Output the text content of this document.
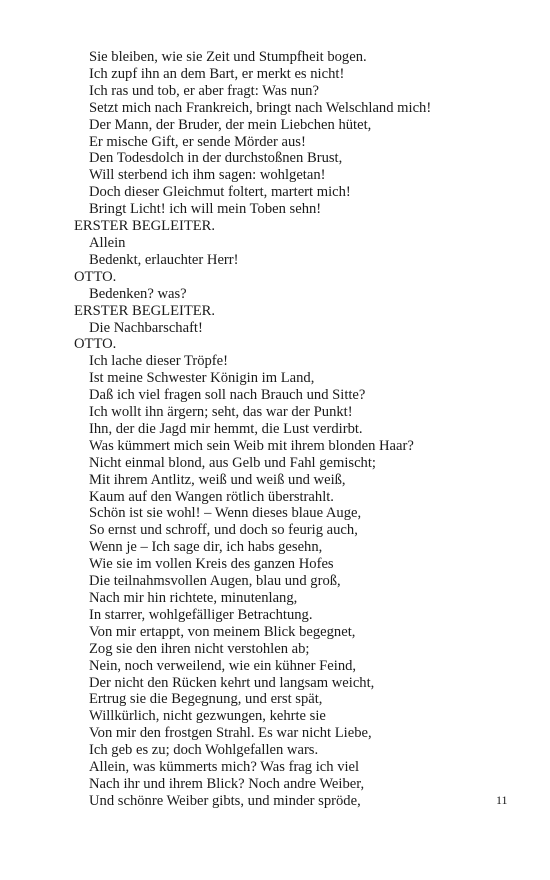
Sie bleiben, wie sie Zeit und Stumpfheit bogen.
Ich zupf ihn an dem Bart, er merkt es nicht!
Ich ras und tob, er aber fragt: Was nun?
Setzt mich nach Frankreich, bringt nach Welschland mich!
Der Mann, der Bruder, der mein Liebchen hütet,
Er mische Gift, er sende Mörder aus!
Den Todesdolch in der durchstoßnen Brust,
Will sterbend ich ihm sagen: wohlgetan!
Doch dieser Gleichmut foltert, martert mich!
Bringt Licht! ich will mein Toben sehn!
ERSTER BEGLEITER.
Allein
Bedenkt, erlauchter Herr!
OTTO.
Bedenken? was?
ERSTER BEGLEITER.
Die Nachbarschaft!
OTTO.
Ich lache dieser Tröpfe!
Ist meine Schwester Königin im Land,
Daß ich viel fragen soll nach Brauch und Sitte?
Ich wollt ihn ärgern; seht, das war der Punkt!
Ihn, der die Jagd mir hemmt, die Lust verdirbt.
Was kümmert mich sein Weib mit ihrem blonden Haar?
Nicht einmal blond, aus Gelb und Fahl gemischt;
Mit ihrem Antlitz, weiß und weiß und weiß,
Kaum auf den Wangen rötlich überstrahlt.
Schön ist sie wohl! – Wenn dieses blaue Auge,
So ernst und schroff, und doch so feurig auch,
Wenn je – Ich sage dir, ich habs gesehn,
Wie sie im vollen Kreis des ganzen Hofes
Die teilnahmsvollen Augen, blau und groß,
Nach mir hin richtete, minutenlang,
In starrer, wohlgefälliger Betrachtung.
Von mir ertappt, von meinem Blick begegnet,
Zog sie den ihren nicht verstohlen ab;
Nein, noch verweilend, wie ein kühner Feind,
Der nicht den Rücken kehrt und langsam weicht,
Ertrug sie die Begegnung, und erst spät,
Willkürlich, nicht gezwungen, kehrte sie
Von mir den frostgen Strahl. Es war nicht Liebe,
Ich geb es zu; doch Wohlgefallen wars.
Allein, was kümmerts mich? Was frag ich viel
Nach ihr und ihrem Blick? Noch andre Weiber,
Und schönre Weiber gibts, und minder spröde,	11
